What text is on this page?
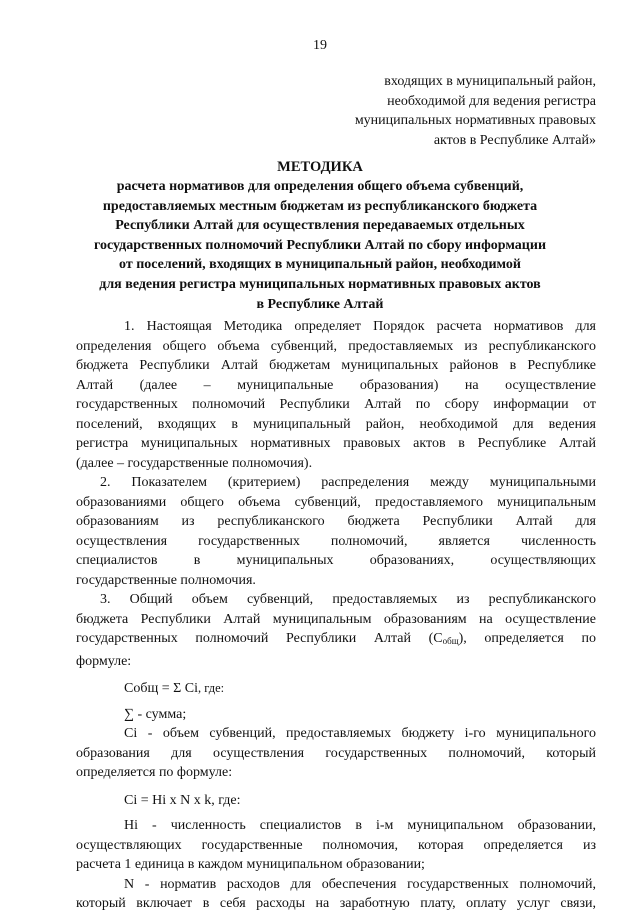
19
входящих в муниципальный район,
необходимой для ведения регистра
муниципальных нормативных правовых
актов в Республике Алтай»
МЕТОДИКА
расчета нормативов для определения общего объема субвенций,
предоставляемых местным бюджетам из республиканского бюджета
Республики Алтай для осуществления передаваемых отдельных
государственных полномочий Республики Алтай по сбору информации
от поселений, входящих в муниципальный район, необходимой
для ведения регистра муниципальных нормативных правовых актов
в Республике Алтай

1. Настоящая Методика определяет Порядок расчета нормативов для

определения общего объема субвенций, предоставляемых из республиканского

бюджета Республики Алтай бюджетам муниципальных районов в Республике

Алтай (далее – муниципальные образования) на осуществление

государственных полномочий Республики Алтай по сбору информации от

поселений, входящих в муниципальный район, необходимой для ведения

регистра муниципальных нормативных правовых актов в Республике Алтай

(далее – государственные полномочия).

2. Показателем (критерием) распределения между муниципальными

образованиями общего объема субвенций, предоставляемого муниципальным

образованиям из республиканского бюджета Республики Алтай для

осуществления государственных полномочий, является численность

специалистов в муниципальных образованиях, осуществляющих

государственные полномочия.

3. Общий объем субвенций, предоставляемых из республиканского

бюджета Республики Алтай муниципальным образованиям на осуществление

государственных полномочий Республики Алтай $(С_{общ})$, определяется по

формуле:

Собщ = Σ Сi, где:

∑ - сумма;

Ci - объем субвенций, предоставляемых бюджету i-го муниципального

образования для осуществления государственных полномочий, который

определяется по формуле:

Ci = Hi x N x k, где:

Hi - численность специалистов в i-м муниципальном образовании,

осуществляющих государственные полномочия, которая определяется из

расчета 1 единица в каждом муниципальном образовании;

N - норматив расходов для обеспечения государственных полномочий,

который включает в себя расходы на заработную плату, оплату услуг связи,
